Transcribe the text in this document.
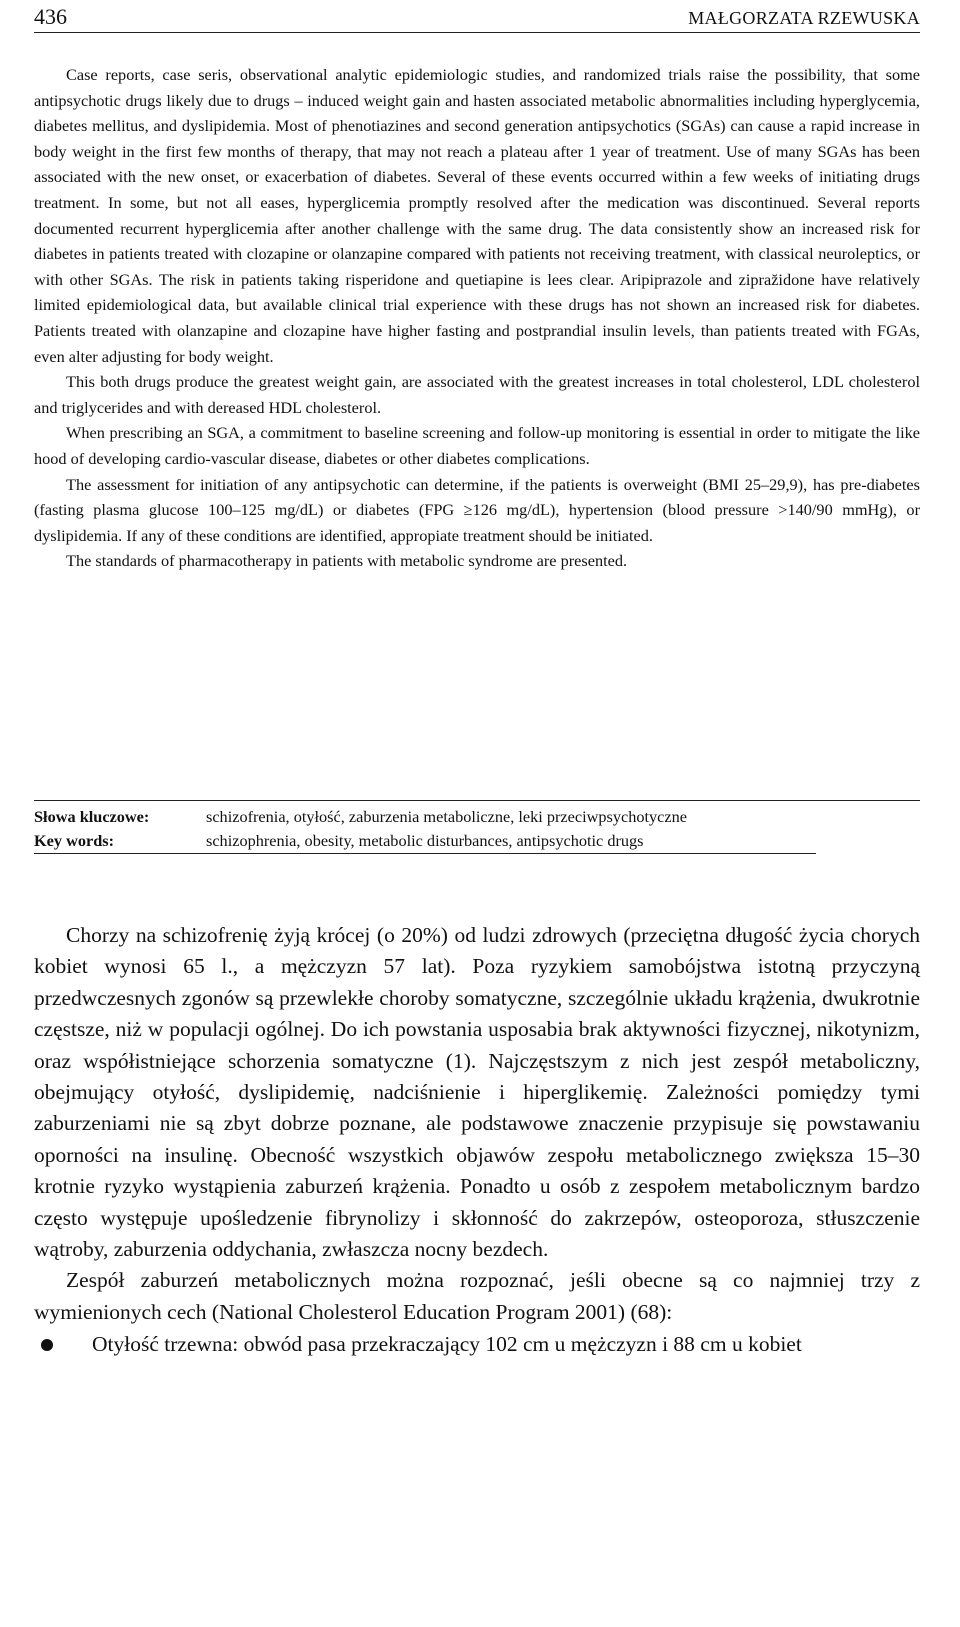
436	MAŁGORZATA RZEWUSKA

Case reports, case seris, observational analytic epidemiologic studies, and randomized trials raise the possibility, that some antipsychotic drugs likely due to drugs – induced weight gain and hasten associated metabolic abnormalities including hyperglycemia, diabetes mellitus, and dyslipidemia. Most of phenotiazines and second generation antipsychotics (SGAs) can cause a rapid increase in body weight in the first few months of therapy, that may not reach a plateau after 1 year of treatment. Use of many SGAs has been associated with the new onset, or exacerbation of diabetes. Several of these events occurred within a few weeks of initiating drugs treatment. In some, but not all eases, hyperglicemia promptly resolved after the medication was discontinued. Several reports documented recurrent hyperglicemia after another challenge with the same drug. The data consistently show an increased risk for diabetes in patients treated with clozapine or olanzapine compared with patients not receiving treatment, with classical neuroleptics, or with other SGAs. The risk in patients taking risperidone and quetiapine is lees clear. Aripiprazole and zipraz̆idone have relatively limited epidemiological data, but available clinical trial experience with these drugs has not shown an increased risk for diabetes. Patients treated with olanzapine and clozapine have higher fasting and postprandial insulin levels, than patients treated with FGAs, even alter adjusting for body weight.

This both drugs produce the greatest weight gain, are associated with the greatest increases in total cholesterol, LDL cholesterol and triglycerides and with dereased HDL cholesterol.

When prescribing an SGA, a commitment to baseline screening and follow-up monitoring is essential in order to mitigate the like hood of developing cardio-vascular disease, diabetes or other diabetes complications.

The assessment for initiation of any antipsychotic can determine, if the patients is overweight (BMI 25–29,9), has pre-diabetes (fasting plasma glucose 100–125 mg/dL) or diabetes (FPG ≥126 mg/dL), hypertension (blood pressure >140/90 mmHg), or dyslipidemia. If any of these conditions are identified, appropiate treatment should be initiated.

The standards of pharmacotherapy in patients with metabolic syndrome are presented.

Słowa kluczowe:	schizofrenia, otyłość, zaburzenia metaboliczne, leki przeciwpsychotyczne
Key words:	schizophrenia, obesity, metabolic disturbances, antipsychotic drugs

Chorzy na schizofrenię żyją krócej (o 20%) od ludzi zdrowych (przeciętna długość życia chorych kobiet wynosi 65 l., a mężczyzn 57 lat). Poza ryzykiem samobójstwa istotną przyczyną przedwczesnych zgonów są przewlekłe choroby somatyczne, szczególnie układu krążenia, dwukrotnie częstsze, niż w populacji ogólnej. Do ich powstania usposabia brak aktywności fizycznej, nikotynizm, oraz współistniejące schorzenia somatyczne (1). Najczęstszym z nich jest zespół metaboliczny, obejmujący otyłość, dyslipidemię, nadciśnienie i hiperglikemię. Zależności pomiędzy tymi zaburzeniami nie są zbyt dobrze poznane, ale podstawowe znaczenie przypisuje się powstawaniu oporności na insulinę. Obecność wszystkich objawów zespołu metabolicznego zwiększa 15–30 krotnie ryzyko wystąpienia zaburzeń krążenia. Ponadto u osób z zespołem metabolicznym bardzo często występuje upośledzenie fibrynolizy i skłonność do zakrzepów, osteoporoza, stłuszczenie wątroby, zaburzenia oddychania, zwłaszcza nocny bezdech.

Zespół zaburzeń metabolicznych można rozpoznać, jeśli obecne są co najmniej trzy z wymienionych cech (National Cholesterol Education Program 2001) (68):

Otyłość trzewna: obwód pasa przekraczający 102 cm u mężczyzn i 88 cm u kobiet
